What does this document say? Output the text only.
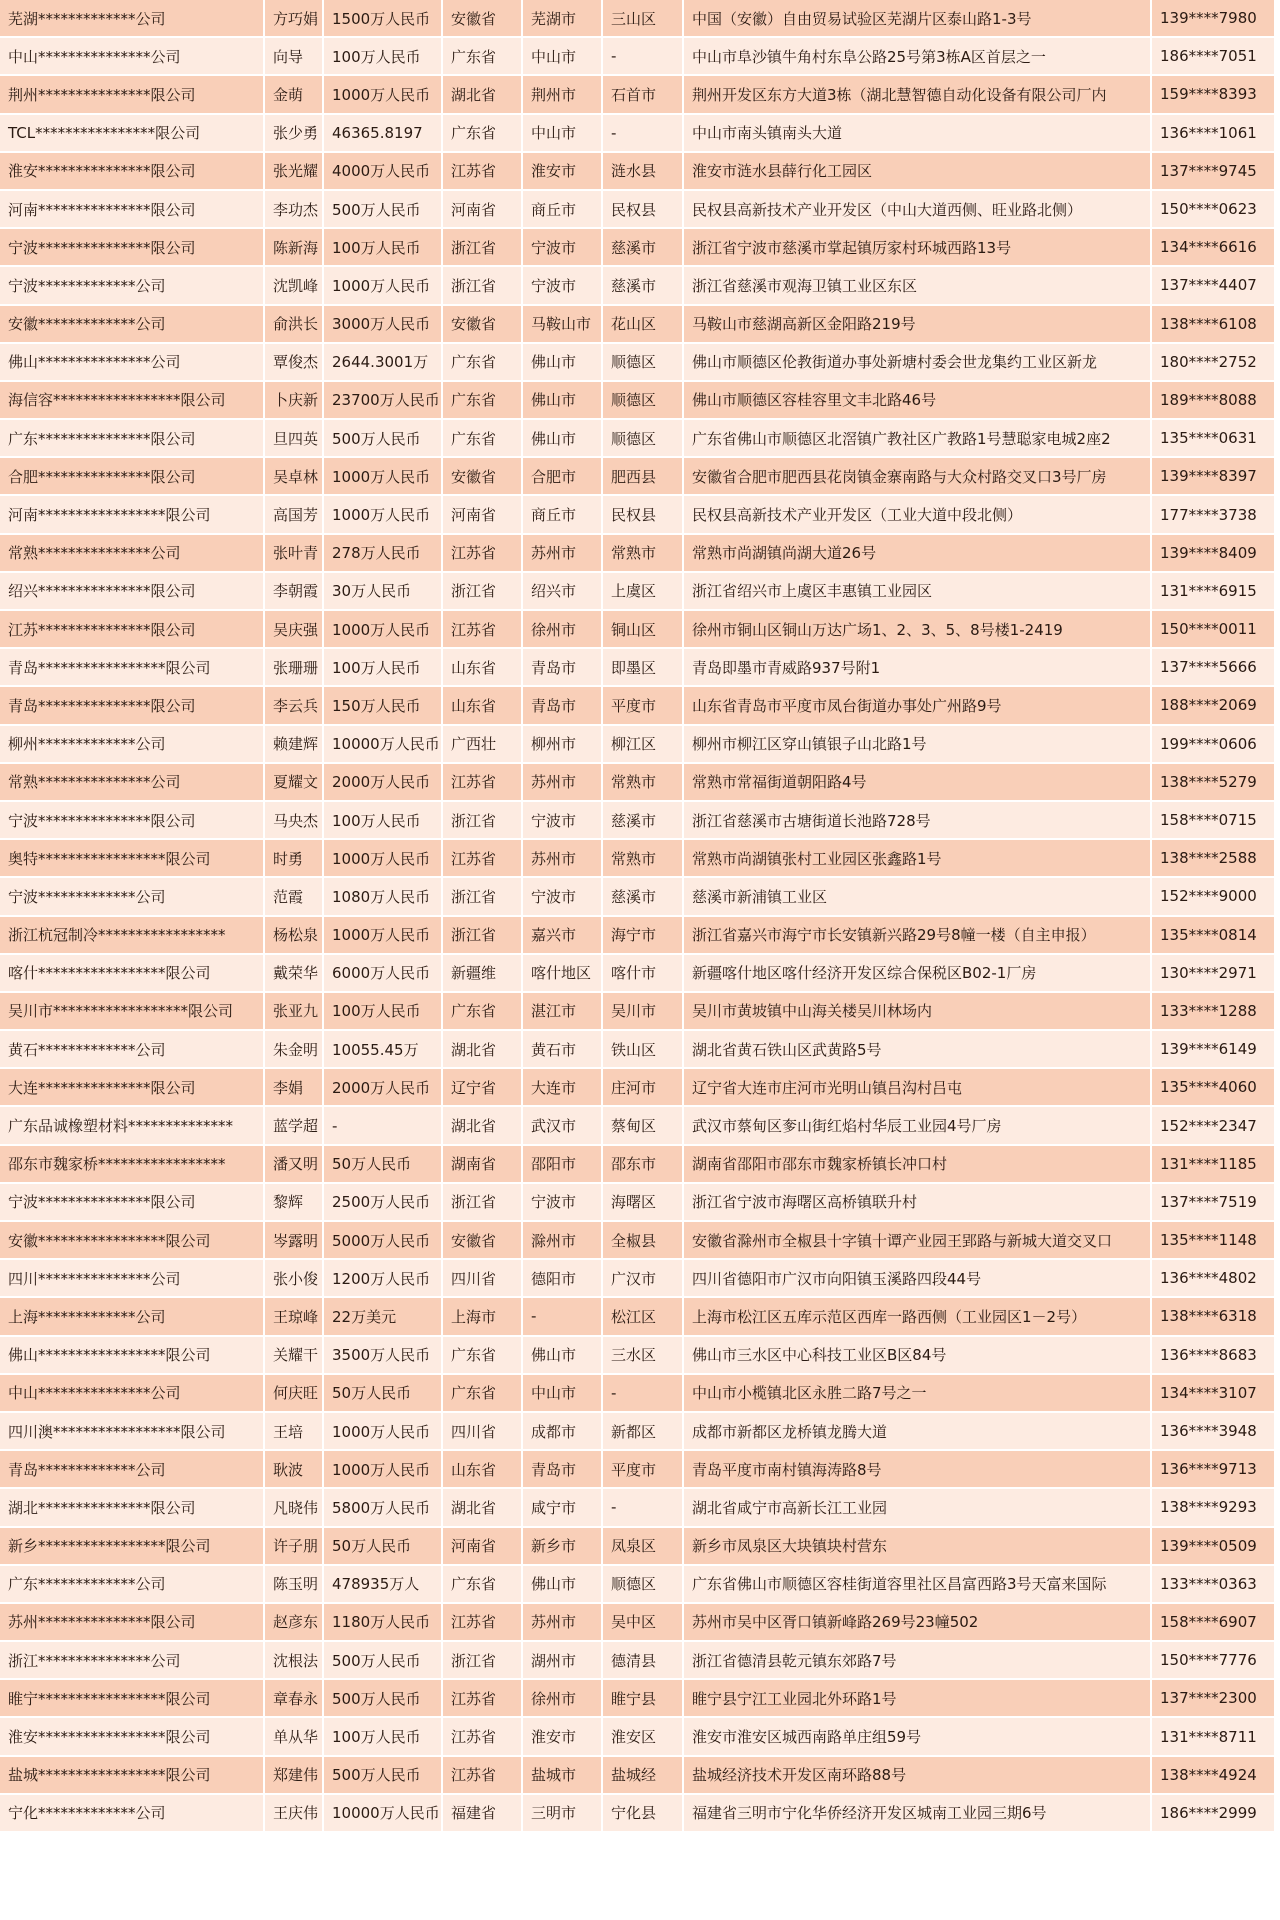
芜湖*************公司	方巧娟	1500万人民币	安徽省	芜湖市	三山区	中国（安徽）自由贸易试验区芜湖片区泰山路1-3号	139****7980
中山***************公司	向导	100万人民币	广东省	中山市	-	中山市阜沙镇牛角村东阜公路25号第3栋A区首层之一	186****7051
荆州***************限公司	金萌	1000万人民币	湖北省	荆州市	石首市	荆州开发区东方大道3栋（湖北慧智德自动化设备有限公司厂内	159****8393
TCL****************限公司	张少勇	46365.8197	广东省	中山市	-	中山市南头镇南头大道	136****1061
淮安***************限公司	张光耀	4000万人民币	江苏省	淮安市	涟水县	淮安市涟水县薛行化工园区	137****9745
河南***************限公司	李功杰	500万人民币	河南省	商丘市	民权县	民权县高新技术产业开发区（中山大道西侧、旺业路北侧）	150****0623
宁波***************限公司	陈新海	100万人民币	浙江省	宁波市	慈溪市	浙江省宁波市慈溪市掌起镇厉家村环城西路13号	134****6616
宁波*************公司	沈凯峰	1000万人民币	浙江省	宁波市	慈溪市	浙江省慈溪市观海卫镇工业区东区	137****4407
安徽*************公司	俞洪长	3000万人民币	安徽省	马鞍山市	花山区	马鞍山市慈湖高新区金阳路219号	138****6108
佛山***************公司	覃俊杰	2644.3001万	广东省	佛山市	顺德区	佛山市顺德区伦教街道办事处新塘村委会世龙集约工业区新龙	180****2752
海信容*****************限公司	卜庆新	23700万人民币	广东省	佛山市	顺德区	佛山市顺德区容桂容里文丰北路46号	189****8088
广东***************限公司	旦四英	500万人民币	广东省	佛山市	顺德区	广东省佛山市顺德区北滘镇广教社区广教路1号慧聪家电城2座2	135****0631
合肥***************限公司	吴卓林	1000万人民币	安徽省	合肥市	肥西县	安徽省合肥市肥西县花岗镇金寨南路与大众村路交叉口3号厂房	139****8397
河南*****************限公司	高国芳	1000万人民币	河南省	商丘市	民权县	民权县高新技术产业开发区（工业大道中段北侧）	177****3738
常熟***************公司	张叶青	278万人民币	江苏省	苏州市	常熟市	常熟市尚湖镇尚湖大道26号	139****8409
绍兴***************限公司	李朝霞	30万人民币	浙江省	绍兴市	上虞区	浙江省绍兴市上虞区丰惠镇工业园区	131****6915
江苏***************限公司	吴庆强	1000万人民币	江苏省	徐州市	铜山区	徐州市铜山区铜山万达广场1、2、3、5、8号楼1-2419	150****0011
青岛*****************限公司	张珊珊	100万人民币	山东省	青岛市	即墨区	青岛即墨市青威路937号附1	137****5666
青岛***************限公司	李云兵	150万人民币	山东省	青岛市	平度市	山东省青岛市平度市凤台街道办事处广州路9号	188****2069
柳州*************公司	赖建辉	10000万人民币	广西壮	柳州市	柳江区	柳州市柳江区穿山镇银子山北路1号	199****0606
常熟***************公司	夏耀文	2000万人民币	江苏省	苏州市	常熟市	常熟市常福街道朝阳路4号	138****5279
宁波***************限公司	马央杰	100万人民币	浙江省	宁波市	慈溪市	浙江省慈溪市古塘街道长池路728号	158****0715
奥特*****************限公司	时勇	1000万人民币	江苏省	苏州市	常熟市	常熟市尚湖镇张村工业园区张鑫路1号	138****2588
宁波*************公司	范霞	1080万人民币	浙江省	宁波市	慈溪市	慈溪市新浦镇工业区	152****9000
浙江杭冠制冷*****************	杨松泉	1000万人民币	浙江省	嘉兴市	海宁市	浙江省嘉兴市海宁市长安镇新兴路29号8幢一楼（自主申报）	135****0814
喀什*****************限公司	戴荣华	6000万人民币	新疆维	喀什地区	喀什市	新疆喀什地区喀什经济开发区综合保税区B02-1厂房	130****2971
吴川市******************限公司	张亚九	100万人民币	广东省	湛江市	吴川市	吴川市黄坡镇中山海关楼吴川林场内	133****1288
黄石*************公司	朱金明	10055.45万	湖北省	黄石市	铁山区	湖北省黄石铁山区武黄路5号	139****6149
大连***************限公司	李娟	2000万人民币	辽宁省	大连市	庄河市	辽宁省大连市庄河市光明山镇吕沟村吕屯	135****4060
广东品诚橡塑材料**************	蓝学超	-	湖北省	武汉市	蔡甸区	武汉市蔡甸区奓山街红焰村华辰工业园4号厂房	152****2347
邵东市魏家桥*****************	潘又明	50万人民币	湖南省	邵阳市	邵东市	湖南省邵阳市邵东市魏家桥镇长冲口村	131****1185
宁波***************限公司	黎辉	2500万人民币	浙江省	宁波市	海曙区	浙江省宁波市海曙区高桥镇联升村	137****7519
安徽*****************限公司	岑露明	5000万人民币	安徽省	滁州市	全椒县	安徽省滁州市全椒县十字镇十谭产业园王郢路与新城大道交叉口	135****1148
四川***************公司	张小俊	1200万人民币	四川省	德阳市	广汉市	四川省德阳市广汉市向阳镇玉溪路四段44号	136****4802
上海*************公司	王琼峰	22万美元	上海市	-	松江区	上海市松江区五库示范区西库一路西侧（工业园区1－2号）	138****6318
佛山*****************限公司	关耀干	3500万人民币	广东省	佛山市	三水区	佛山市三水区中心科技工业区B区84号	136****8683
中山***************公司	何庆旺	50万人民币	广东省	中山市	-	中山市小榄镇北区永胜二路7号之一	134****3107
四川澳*****************限公司	王培	1000万人民币	四川省	成都市	新都区	成都市新都区龙桥镇龙腾大道	136****3948
青岛*************公司	耿波	1000万人民币	山东省	青岛市	平度市	青岛平度市南村镇海涛路8号	136****9713
湖北***************限公司	凡晓伟	5800万人民币	湖北省	咸宁市	-	湖北省咸宁市高新长江工业园	138****9293
新乡*****************限公司	许子朋	50万人民币	河南省	新乡市	凤泉区	新乡市凤泉区大块镇块村营东	139****0509
广东*************公司	陈玉明	478935万人	广东省	佛山市	顺德区	广东省佛山市顺德区容桂街道容里社区昌富西路3号天富来国际	133****0363
苏州***************限公司	赵彦东	1180万人民币	江苏省	苏州市	吴中区	苏州市吴中区胥口镇新峰路269号23幢502	158****6907
浙江***************公司	沈根法	500万人民币	浙江省	湖州市	德清县	浙江省德清县乾元镇东郊路7号	150****7776
睢宁*****************限公司	章春永	500万人民币	江苏省	徐州市	睢宁县	睢宁县宁江工业园北外环路1号	137****2300
淮安*****************限公司	单从华	100万人民币	江苏省	淮安市	淮安区	淮安市淮安区城西南路单庄组59号	131****8711
盐城*****************限公司	郑建伟	500万人民币	江苏省	盐城市	盐城经	盐城经济技术开发区南环路88号	138****4924
宁化*************公司	王庆伟	10000万人民币	福建省	三明市	宁化县	福建省三明市宁化华侨经济开发区城南工业园三期6号	186****2999
